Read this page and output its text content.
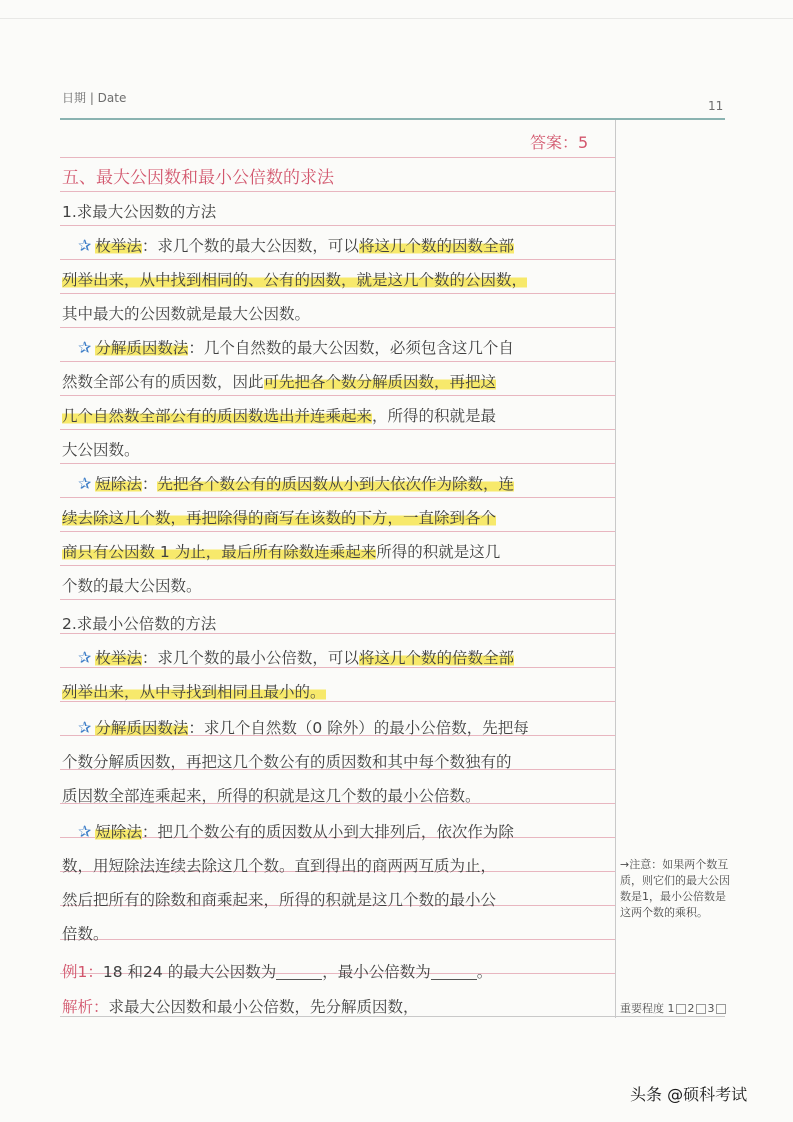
日期 | Date
11
答案：5
五、最大公因数和最小公倍数的求法
1.求最大公因数的方法
✰ 枚举法：求几个数的最大公因数，可以将这几个数的因数全部
列举出来，从中找到相同的、公有的因数，就是这几个数的公因数，
其中最大的公因数就是最大公因数。
✰ 分解质因数法：几个自然数的最大公因数，必须包含这几个自
然数全部公有的质因数，因此可先把各个数分解质因数，再把这
几个自然数全部公有的质因数选出并连乘起来，所得的积就是最
大公因数。
✰ 短除法：先把各个数公有的质因数从小到大依次作为除数，连
续去除这几个数，再把除得的商写在该数的下方，一直除到各个
商只有公因数 1 为止，最后所有除数连乘起来所得的积就是这几
个数的最大公因数。
2.求最小公倍数的方法
✰ 枚举法：求几个数的最小公倍数，可以将这几个数的倍数全部
列举出来，从中寻找到相同且最小的。
✰ 分解质因数法：求几个自然数（0 除外）的最小公倍数，先把每
个数分解质因数，再把这几个数公有的质因数和其中每个数独有的
质因数全部连乘起来，所得的积就是这几个数的最小公倍数。
✰ 短除法：把几个数公有的质因数从小到大排列后，依次作为除
数，用短除法连续去除这几个数。直到得出的商两两互质为止，
然后把所有的除数和商乘起来，所得的积就是这几个数的最小公
倍数。
例1：18 和24 的最大公因数为	，最小公倍数为	。
解析：求最大公因数和最小公倍数，先分解质因数，
→注意：如果两个数互质，则它们的最大公因数是1，最小公倍数是这两个数的乘积。
重要程度 1 2 3
头条 @硕科考试
